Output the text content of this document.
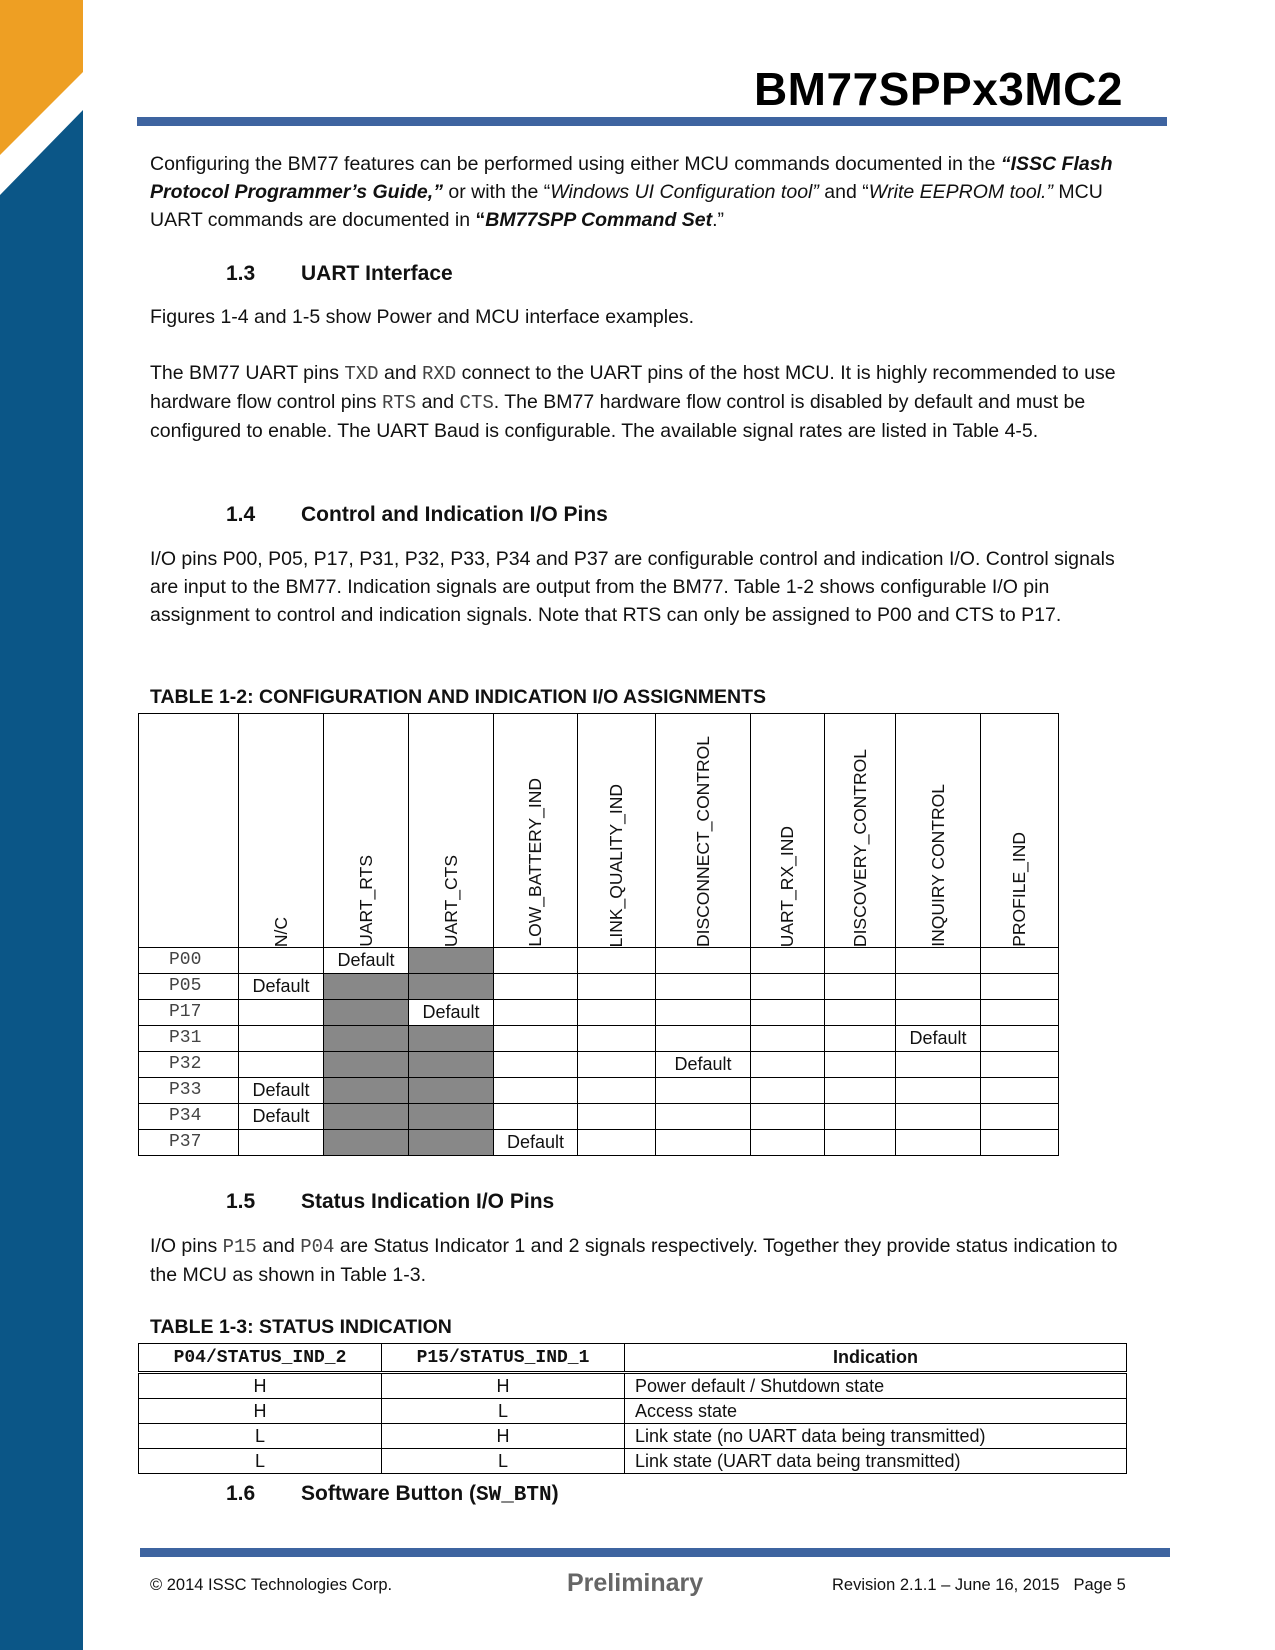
BM77SPPx3MC2

Configuring the BM77 features can be performed using either MCU commands documented in the “ISSC Flash Protocol Programmer’s Guide,” or with the “Windows UI Configuration tool” and “Write EEPROM tool.” MCU UART commands are documented in “BM77SPP Command Set.”

1.3 UART Interface

Figures 1-4 and 1-5 show Power and MCU interface examples.

The BM77 UART pins TXD and RXD connect to the UART pins of the host MCU. It is highly recommended to use hardware flow control pins RTS and CTS. The BM77 hardware flow control is disabled by default and must be configured to enable. The UART Baud is configurable. The available signal rates are listed in Table 4-5.

1.4 Control and Indication I/O Pins

I/O pins P00, P05, P17, P31, P32, P33, P34 and P37 are configurable control and indication I/O. Control signals are input to the BM77. Indication signals are output from the BM77. Table 1-2 shows configurable I/O pin assignment to control and indication signals. Note that RTS can only be assigned to P00 and CTS to P17.

TABLE 1-2: CONFIGURATION AND INDICATION I/O ASSIGNMENTS

	N/C	UART_RTS	UART_CTS	LOW_BATTERY_IND	LINK_QUALITY_IND	DISCONNECT_CONTROL	UART_RX_IND	DISCOVERY_CONTROL	INQUIRY CONTROL	PROFILE_IND

P00		Default								
P05	Default									
P17			Default							
P31									Default	
P32						Default				
P33	Default									
P34	Default									
P37				Default						
1.5 Status Indication I/O Pins

I/O pins P15 and P04 are Status Indicator 1 and 2 signals respectively. Together they provide status indication to the MCU as shown in Table 1-3.

TABLE 1-3: STATUS INDICATION
P04/STATUS_IND_2	P15/STATUS_IND_1	Indication
H	H	Power default / Shutdown state
H	L	Access state
L	H	Link state (no UART data being transmitted)
L	L	Link state (UART data being transmitted)
1.6 Software Button (SW_BTN)
© 2014 ISSC Technologies Corp.	Preliminary	Revision 2.1.1 – June 16, 2015 Page 5
